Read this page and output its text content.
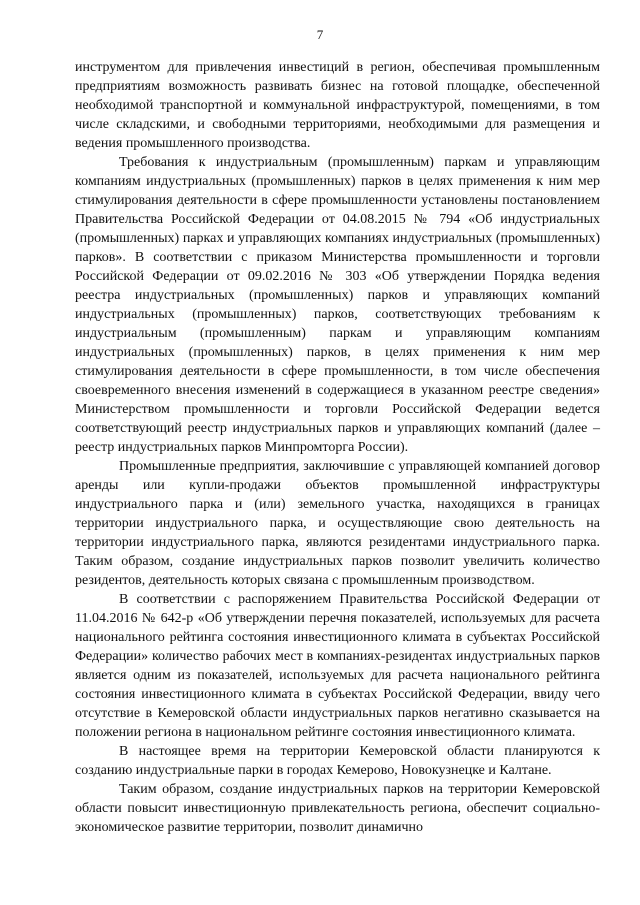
7

инструментом для привлечения инвестиций в регион, обеспечивая промышленным предприятиям возможность развивать бизнес на готовой площадке, обеспеченной необходимой транспортной и коммунальной инфраструктурой, помещениями, в том числе складскими, и свободными территориями, необходимыми для размещения и ведения промышленного производства.

Требования к индустриальным (промышленным) паркам и управляющим компаниям индустриальных (промышленных) парков в целях применения к ним мер стимулирования деятельности в сфере промышленности установлены постановлением Правительства Российской Федерации от 04.08.2015 № 794 «Об индустриальных (промышленных) парках и управляющих компаниях индустриальных (промышленных) парков». В соответствии с приказом Министерства промышленности и торговли Российской Федерации от 09.02.2016 № 303 «Об утверждении Порядка ведения реестра индустриальных (промышленных) парков и управляющих компаний индустриальных (промышленных) парков, соответствующих требованиям к индустриальным (промышленным) паркам и управляющим компаниям индустриальных (промышленных) парков, в целях применения к ним мер стимулирования деятельности в сфере промышленности, в том числе обеспечения своевременного внесения изменений в содержащиеся в указанном реестре сведения» Министерством промышленности и торговли Российской Федерации ведется соответствующий реестр индустриальных парков и управляющих компаний (далее – реестр индустриальных парков Минпромторга России).

Промышленные предприятия, заключившие с управляющей компанией договор аренды или купли-продажи объектов промышленной инфраструктуры индустриального парка и (или) земельного участка, находящихся в границах территории индустриального парка, и осуществляющие свою деятельность на территории индустриального парка, являются резидентами индустриального парка. Таким образом, создание индустриальных парков позволит увеличить количество резидентов, деятельность которых связана с промышленным производством.

В соответствии с распоряжением Правительства Российской Федерации от 11.04.2016 № 642-р «Об утверждении перечня показателей, используемых для расчета национального рейтинга состояния инвестиционного климата в субъектах Российской Федерации» количество рабочих мест в компаниях-резидентах индустриальных парков является одним из показателей, используемых для расчета национального рейтинга состояния инвестиционного климата в субъектах Российской Федерации, ввиду чего отсутствие в Кемеровской области индустриальных парков негативно сказывается на положении региона в национальном рейтинге состояния инвестиционного климата.

В настоящее время на территории Кемеровской области планируются к созданию индустриальные парки в городах Кемерово, Новокузнецке и Калтане.

Таким образом, создание индустриальных парков на территории Кемеровской области повысит инвестиционную привлекательность региона, обеспечит социально-экономическое развитие территории, позволит динамично
